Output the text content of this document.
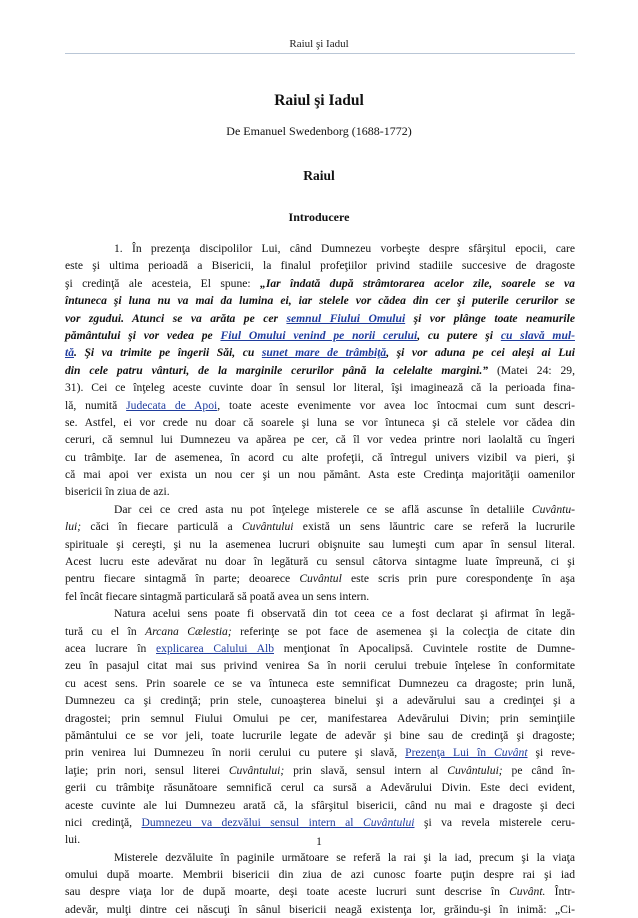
Raiul şi Iadul
Raiul şi Iadul
De Emanuel Swedenborg (1688-1772)
Raiul
Introducere
1. În prezenţa discipolilor Lui, când Dumnezeu vorbeşte despre sfârşitul epocii, care
este şi ultima perioadă a Bisericii, la finalul profeţiilor privind stadiile succesive de dragoste
şi credinţă ale acesteia, El spune: „Iar îndată după strâmtorarea acelor zile, soarele se va
întuneca şi luna nu va mai da lumina ei, iar stelele vor cădea din cer şi puterile cerurilor se
vor zgudui. Atunci se va arăta pe cer semnul Fiului Omului şi vor plânge toate neamurile
pământului şi vor vedea pe Fiul Omului venind pe norii cerului, cu putere şi cu slavă mul-
tă. Şi va trimite pe îngerii Săi, cu sunet mare de trâmbiţă, şi vor aduna pe cei aleşi ai Lui
din cele patru vânturi, de la marginile cerurilor până la celelalte margini.” (Matei 24: 29,
31). Cei ce înţeleg aceste cuvinte doar în sensul lor literal, îşi imaginează că la perioada fina-
lă, numită Judecata de Apoi, toate aceste evenimente vor avea loc întocmai cum sunt descri-
se. Astfel, ei vor crede nu doar că soarele şi luna se vor întuneca şi că stelele vor cădea din
ceruri, că semnul lui Dumnezeu va apărea pe cer, că îl vor vedea printre nori laolaltă cu îngeri
cu trâmbiţe. Iar de asemenea, în acord cu alte profeţii, că întregul univers vizibil va pieri, şi
că mai apoi ver exista un nou cer şi un nou pământ. Asta este Credinţa majorităţii oamenilor
bisericii în ziua de azi.
Dar cei ce cred asta nu pot înţelege misterele ce se află ascunse în detaliile Cuvântu-
lui; căci în fiecare particulă a Cuvântului există un sens lăuntric care se referă la lucrurile
spirituale şi cereşti, şi nu la asemenea lucruri obişnuite sau lumeşti cum apar în sensul literal.
Acest lucru este adevărat nu doar în legătură cu sensul câtorva sintagme luate împreună, ci şi
pentru fiecare sintagmă în parte; deoarece Cuvântul este scris prin pure corespondenţe în aşa
fel încât fiecare sintagmă particulară să poată avea un sens intern.
Natura acelui sens poate fi observată din tot ceea ce a fost declarat şi afirmat în legă-
tură cu el în Arcana Cælestia; referinţe se pot face de asemenea şi la colecţia de citate din
acea lucrare în explicarea Calului Alb menţionat în Apocalipsă. Cuvintele rostite de Dumne-
zeu în pasajul citat mai sus privind venirea Sa în norii cerului trebuie înţelese în conformitate
cu acest sens. Prin soarele ce se va întuneca este semnificat Dumnezeu ca dragoste; prin lună,
Dumnezeu ca şi credinţă; prin stele, cunoaşterea binelui şi a adevărului sau a credinţei şi a
dragostei; prin semnul Fiului Omului pe cer, manifestarea Adevărului Divin; prin seminţiile
pământului ce se vor jeli, toate lucrurile legate de adevăr şi bine sau de credinţă şi dragoste;
prin venirea lui Dumnezeu în norii cerului cu putere şi slavă, Prezenţa Lui în Cuvânt şi reve-
laţie; prin nori, sensul literei Cuvântului; prin slavă, sensul intern al Cuvântului; pe când în-
gerii cu trâmbiţe răsunătoare semnifică cerul ca sursă a Adevărului Divin. Este deci evident,
aceste cuvinte ale lui Dumnezeu arată că, la sfârşitul bisericii, când nu mai e dragoste şi deci
nici credinţă, Dumnezeu va dezvălui sensul intern al Cuvântului şi va revela misterele ceru-
lui.
Misterele dezvăluite în paginile următoare se referă la rai şi la iad, precum şi la viaţa
omului după moarte. Membrii bisericii din ziua de azi cunosc foarte puţin despre rai şi iad
sau despre viaţa lor de după moarte, deşi toate aceste lucruri sunt descrise în Cuvânt. Într-
adevăr, mulţi dintre cei născuţi în sânul bisericii neagă existenţa lor, grăindu-şi în inimă: „Ci-
1
